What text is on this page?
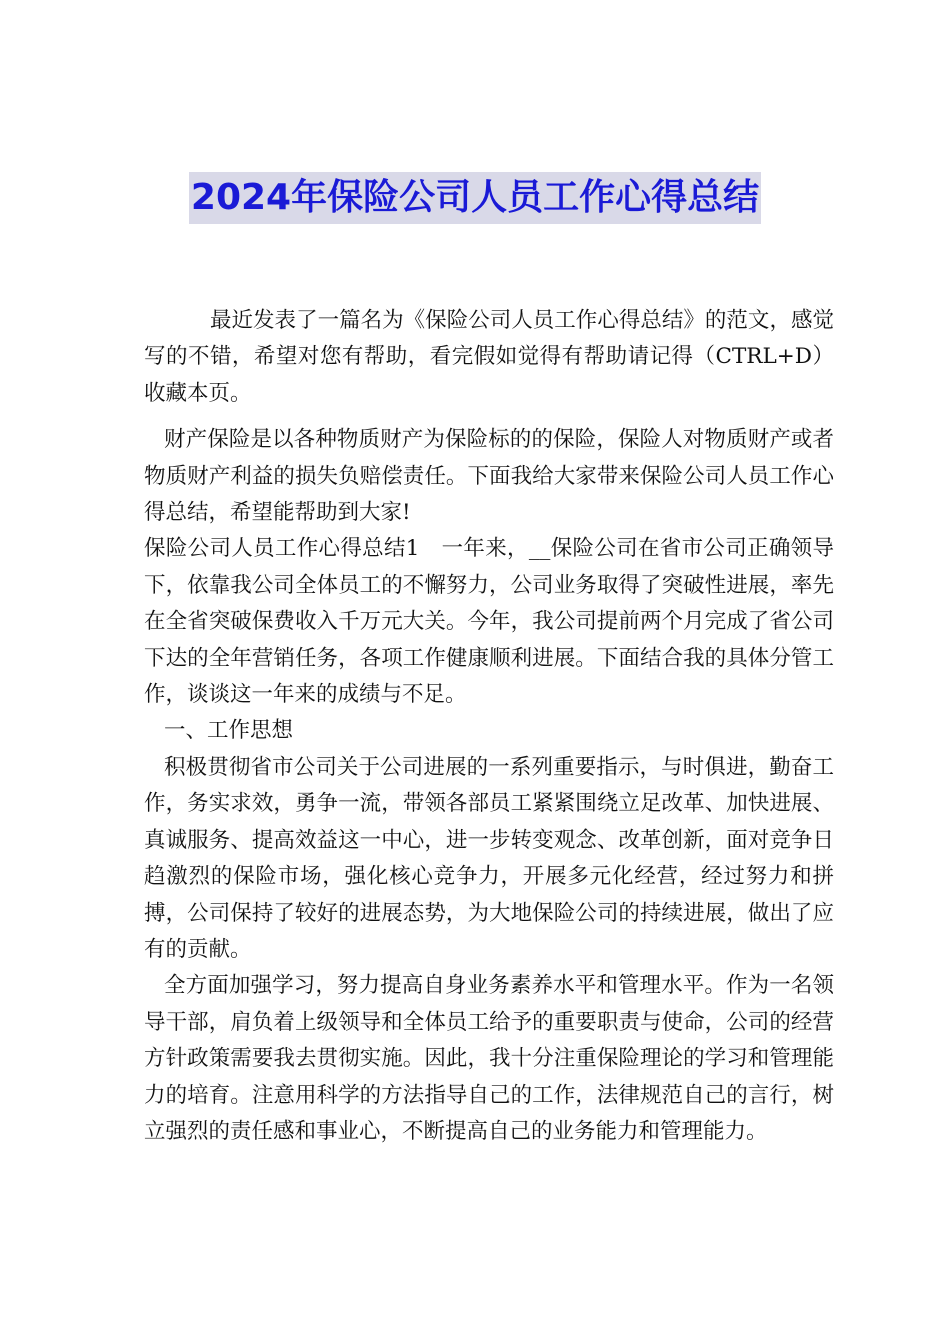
2024年保险公司人员工作心得总结

最近发表了一篇名为《保险公司人员工作心得总结》的范文，感觉写的不错，希望对您有帮助，看完假如觉得有帮助请记得（CTRL+D）收藏本页。

财产保险是以各种物质财产为保险标的的保险，保险人对物质财产或者物质财产利益的损失负赔偿责任。下面我给大家带来保险公司人员工作心得总结，希望能帮助到大家!

保险公司人员工作心得总结1　一年来，__保险公司在省市公司正确领导下，依靠我公司全体员工的不懈努力，公司业务取得了突破性进展，率先在全省突破保费收入千万元大关。今年，我公司提前两个月完成了省公司下达的全年营销任务，各项工作健康顺利进展。下面结合我的具体分管工作，谈谈这一年来的成绩与不足。

一、工作思想

积极贯彻省市公司关于公司进展的一系列重要指示，与时俱进，勤奋工作，务实求效，勇争一流，带领各部员工紧紧围绕立足改革、加快进展、真诚服务、提高效益这一中心，进一步转变观念、改革创新，面对竞争日趋激烈的保险市场，强化核心竞争力，开展多元化经营，经过努力和拼搏，公司保持了较好的进展态势，为大地保险公司的持续进展，做出了应有的贡献。

全方面加强学习，努力提高自身业务素养水平和管理水平。作为一名领导干部，肩负着上级领导和全体员工给予的重要职责与使命，公司的经营方针政策需要我去贯彻实施。因此，我十分注重保险理论的学习和管理能力的培育。注意用科学的方法指导自己的工作，法律规范自己的言行，树立强烈的责任感和事业心，不断提高自己的业务能力和管理能力。
